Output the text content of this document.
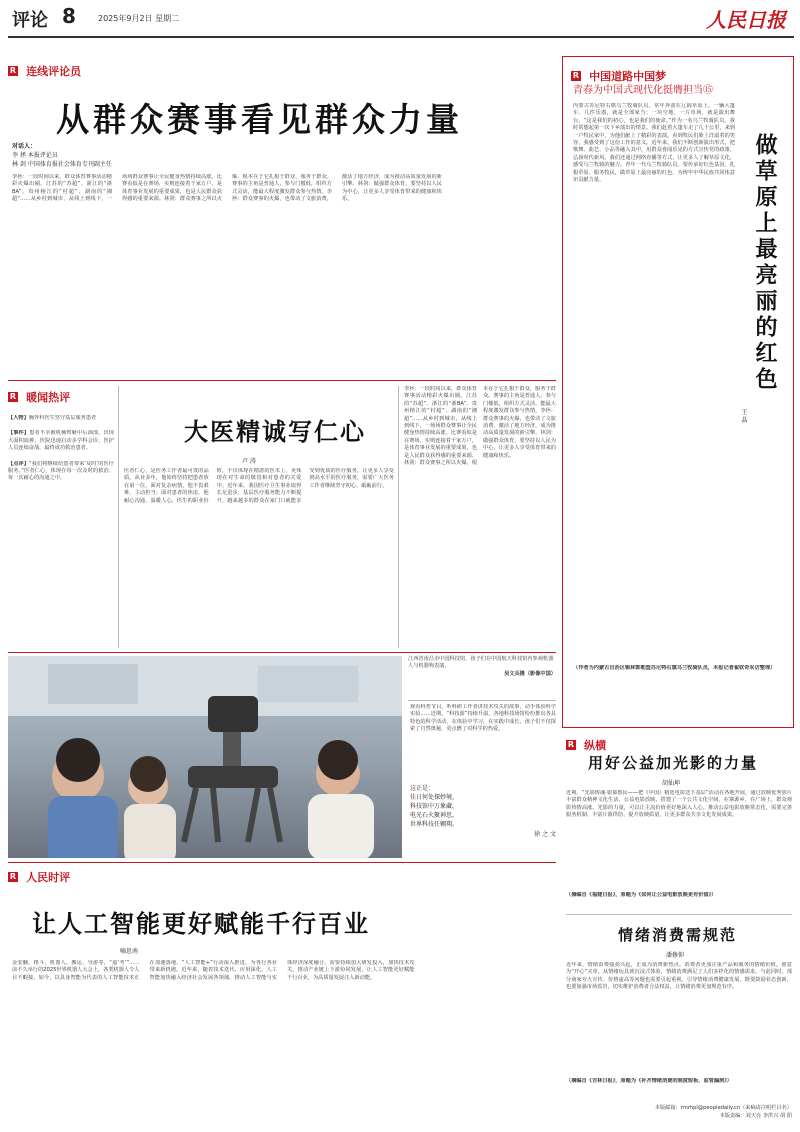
评论 8	2025年9月2日 星期二	人民日报
R 连线评论员
从群众赛事看见群众力量
对话人：
李 拯 本报评论员
林 剑 中国体育报社会体育专刊副主任
李拯：一段时间以来，群众体育赛事活动精彩火爆出圈。江苏的“苏超”、浙江的“浙BA”、贵州榕江的“村超”、湖南的“湘超”……从乡村到城市，从线上到线下，一场场群众赛事让全民健身热情持续高涨。比赛看似是在赛场，实则连接着千家万户，是体育事业发展的重要成果，也是人民群众获得感的重要来源。林剑：群众赛事之所以火爆，根本在于它扎根于群众，服务于群众。赛事的主角是普通人，参与门槛低，组织方式灵活，能最大程度激发群众参与热情。李拯：群众赛事的火爆，也带动了文旅消费，激活了地方经济，成为推动高质量发展的新引擎。林剑：做强群众体育，要坚持以人民为中心，让更多人享受体育带来的健康和快乐。
R 暖闻热评
【人物】胸外科医生坚守基层服务患者
【事件】患者不幸被机械臂砸中后颈部，出现大面积血肿，医院迅速启动多学科会诊，医护人员连续奋战，最终成功救治患者。
【点评】“我们将继续给患者带来‘及时’的医疗服务。”医者仁心，体现在每一次及时的救治、每一次耐心的沟通之中。
大医精诚写仁心
卢 涛
医者仁心，是医务工作者最可贵的品质。从业多年，他始终坚持把患者放在第一位。面对复杂病情，他不畏艰难，主动担当；面对患者的焦虑，他耐心沟通，温暖人心。医生的职业价值，不仅体现在精湛的医术上，更体现在对生命的敬畏和对患者的关爱中。近年来，我国医疗卫生事业取得长足进步，基层医疗服务能力不断提升，越来越多的群众在家门口就能享受到优质的医疗服务。让更多人享受到高水平的医疗服务，需要广大医务工作者继续坚守初心、砥砺前行。
李拯：一段时间以来，群众体育赛事活动精彩火爆出圈。江苏的“苏超”、浙江的“浙BA”、贵州榕江的“村超”、湖南的“湘超”……从乡村到城市，从线上到线下，一场场群众赛事让全民健身热情持续高涨。比赛看似是在赛场，实则连接着千家万户，是体育事业发展的重要成果，也是人民群众获得感的重要来源。林剑：群众赛事之所以火爆，根本在于它扎根于群众，服务于群众。赛事的主角是普通人，参与门槛低，组织方式灵活，能最大程度激发群众参与热情。李拯：群众赛事的火爆，也带动了文旅消费，激活了地方经济，成为推动高质量发展的新引擎。林剑：做强群众体育，要坚持以人民为中心，让更多人享受体育带来的健康和快乐。
江西省南昌市中国科技馆，孩子们在中国航天科技馆内参观机器人与机器狗表演。
吴文兵摄（影像中国）
观看科普节目，听科研工作者讲技术攻关的故事，动手体验科学实验……近期，“科技游”持续升温，各地科技场馆纷纷推出各具特色的科学活动。在体验中学习，在实践中成长，孩子们不仅探索了自然奥秘，更点燃了对科学的热爱。
这正是：
佳日何处探妙境，
科技馆中万象藏。
电光石火聚神思，
世界科技任翱翔。
徐 之 文
R 人民时评
让人工智能更好赋能千行百业
喻思南
金安翻，格斗，机器人、搬运，导游等，“遥‘考’”……前不久举行的2025世界机器人大会上，各类机器人令人目不暇接。如今，以具身智能为代表的人工智能技术正在加速落地，“人工智能+”行动深入推进，为各行各业带来新机遇。近年来，随着技术迭代、应用深化，人工智能加快融入经济社会发展各领域。推动人工智能与实体经济深度融合，需要持续加大研发投入，加快技术攻关，推动产业链上下游协同发展，让人工智能更好赋能千行百业，为高质量发展注入新动能。
R 中国道路中国梦
青春为中国式现代化挺膺担当⑮
内蒙古苏尼特右旗乌兰牧骑队员，常年奔波在辽阔草原上。一辆大篷车、几件乐器，就是全部家当；一块空地、一片草场，就是演出舞台。“这是我们的初心，也是我们的使命。”作为一名乌兰牧骑队员，我时常想起第一次下乡演出的情景。我们赶着大篷车走了几十公里，来到一户牧民家中，为他们献上了精彩的表演。看到牧民们脸上洋溢着的笑容，我感受到了这份工作的意义。近年来，我们不断创新演出形式，把歌舞、曲艺、小品等融入其中，用群众喜闻乐见的方式宣传党的政策，弘扬时代新风。我们还通过网络直播等方式，让更多人了解草原文化，感受乌兰牧骑的魅力。青年一代乌兰牧骑队员，要传承好红色基因，扎根草原、服务牧民，做草原上最亮丽的红色，为铸牢中华民族共同体意识贡献力量。	做草原上最亮丽的红色
王 晶
（作者为内蒙古自治区锡林郭勒盟苏尼特右旗乌兰牧骑队员，本报记者翟钦奇采访整理）
R 纵横
用好公益加光影的力量
胡仙坤
近期，“光影铸魂·银幕惠民——把《中国》精选电影送下基层”活动在各地开展，通过放映优秀影片丰富群众精神文化生活。公益电影放映，搭建了一个公共文化空间。在寨源乡，在广场上，群众观影热情高涨。光影的力量，可以让主流价值更好地深入人心。推动公益电影放映常态化，需要完善服务机制、丰富片源供给、提升放映质量，让更多群众共享文化发展成果。
（摘编自《福建日报》，原题为《如何让公益电影放映更有价值》）
情绪消费需规范
潘修仰
近年来，情绪消费强劲兴起，正成为消费新热点。消费者更加注重产品和服务的情绪价值，愿意为“开心”买单。从情绪玩具到沉浸式体验，情绪消费满足了人们多样化的情感需求。与此同时，部分商家夸大宣传、价格虚高等问题也需要引起重视。引导情绪消费健康发展，既要鼓励业态创新，也要加强市场监管，切实维护消费者合法权益，让情绪消费更加规范有序。
（摘编自《吉林日报》，原题为《补齐情绪消费的制度短板、监管漏洞》）
本版邮箱：rmrhpl@peopledaily.cn（来稿请注明栏目名）
本版责编：刘天亮 李洪兴 胡 阳
